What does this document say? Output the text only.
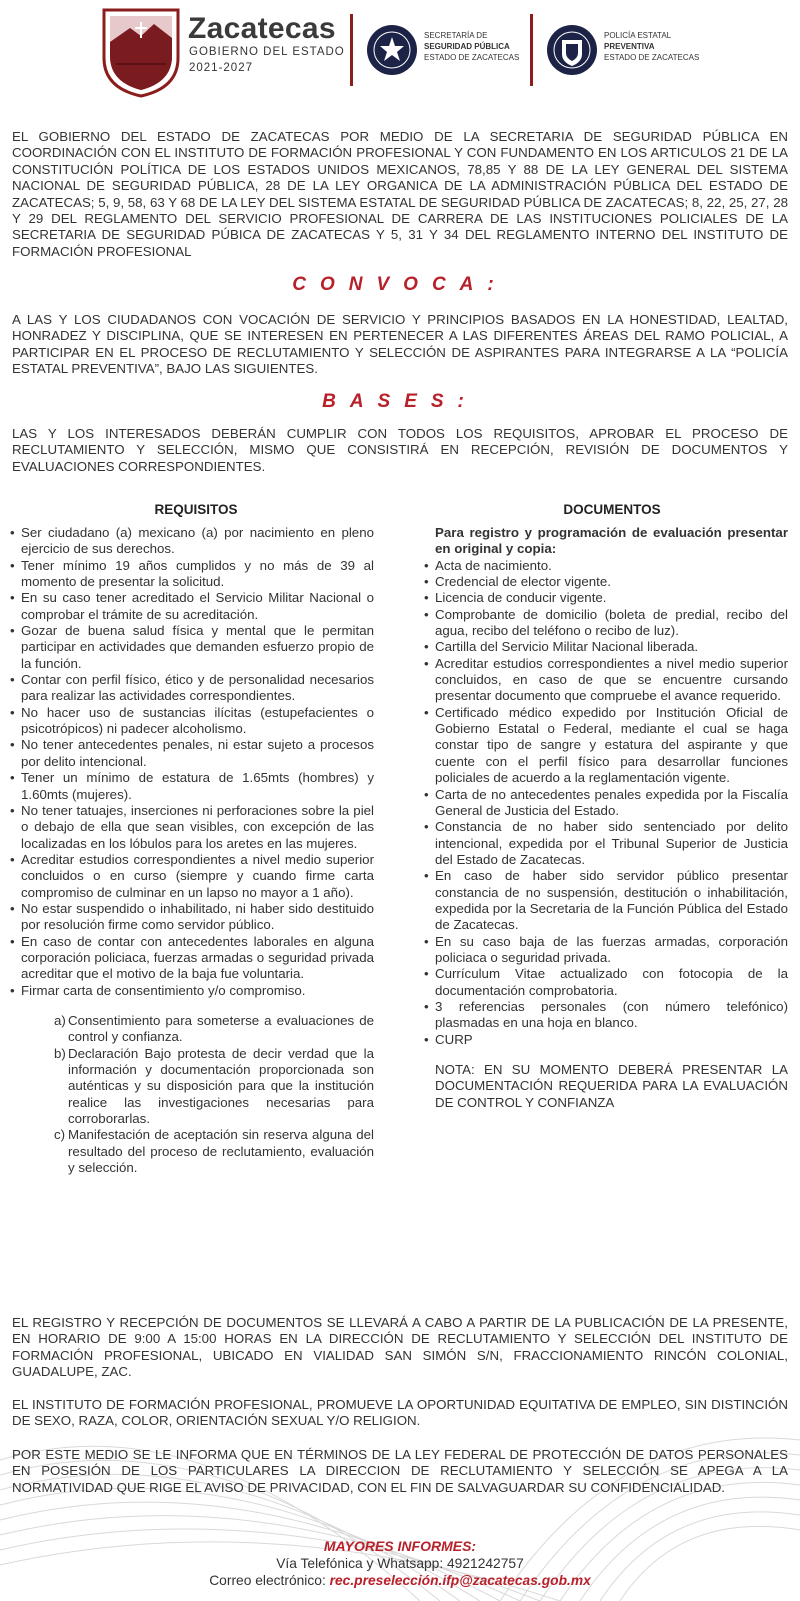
Zacatecas
GOBIERNO DEL ESTADO
2021-2027
SECRETARÍA DE
SEGURIDAD PÚBLICA
ESTADO DE ZACATECAS
POLICÍA ESTATAL
PREVENTIVA
ESTADO DE ZACATECAS
EL GOBIERNO DEL ESTADO DE ZACATECAS POR MEDIO DE LA SECRETARIA DE SEGURIDAD PÚBLICA EN COORDINACIÓN CON EL INSTITUTO DE FORMACIÓN PROFESIONAL Y CON FUNDAMENTO EN LOS ARTICULOS 21 DE LA CONSTITUCIÓN POLÍTICA DE LOS ESTADOS UNIDOS MEXICANOS, 78,85 Y 88 DE LA LEY GENERAL DEL SISTEMA NACIONAL DE SEGURIDAD PÚBLICA, 28 DE LA LEY ORGANICA DE LA ADMINISTRACIÓN PÚBLICA DEL ESTADO DE ZACATECAS; 5, 9, 58, 63 Y 68 DE LA LEY DEL SISTEMA ESTATAL DE SEGURIDAD PÚBLICA DE ZACATECAS; 8, 22, 25, 27, 28 Y 29 DEL REGLAMENTO DEL SERVICIO PROFESIONAL DE CARRERA DE LAS INSTITUCIONES POLICIALES DE LA SECRETARIA DE SEGURIDAD PÚBICA DE ZACATECAS Y 5, 31 Y 34 DEL REGLAMENTO INTERNO DEL INSTITUTO DE FORMACIÓN PROFESIONAL
CONVOCA:
A LAS Y LOS CIUDADANOS CON VOCACIÓN DE SERVICIO Y PRINCIPIOS BASADOS EN LA HONESTIDAD, LEALTAD, HONRADEZ Y DISCIPLINA, QUE SE INTERESEN EN PERTENECER A LAS DIFERENTES ÁREAS DEL RAMO POLICIAL, A PARTICIPAR EN EL PROCESO DE RECLUTAMIENTO Y SELECCIÓN DE ASPIRANTES PARA INTEGRARSE A LA “POLICÍA ESTATAL PREVENTIVA”, BAJO LAS SIGUIENTES.
BASES:
LAS Y LOS INTERESADOS DEBERÁN CUMPLIR CON TODOS LOS REQUISITOS, APROBAR EL PROCESO DE RECLUTAMIENTO Y SELECCIÓN, MISMO QUE CONSISTIRÁ EN RECEPCIÓN, REVISIÓN DE DOCUMENTOS Y EVALUACIONES CORRESPONDIENTES.
REQUISITOS
• Ser ciudadano (a) mexicano (a) por nacimiento en pleno ejercicio de sus derechos.
• Tener mínimo 19 años cumplidos y no más de 39 al momento de presentar la solicitud.
• En su caso tener acreditado el Servicio Militar Nacional o comprobar el trámite de su acreditación.
• Gozar de buena salud física y mental que le permitan participar en actividades que demanden esfuerzo propio de la función.
• Contar con perfil físico, ético y de personalidad necesarios para realizar las actividades correspondientes.
• No hacer uso de sustancias ilícitas (estupefacientes o psicotrópicos) ni padecer alcoholismo.
• No tener antecedentes penales, ni estar sujeto a procesos por delito intencional.
• Tener un mínimo de estatura de 1.65mts (hombres) y 1.60mts (mujeres).
• No tener tatuajes, inserciones ni perforaciones sobre la piel o debajo de ella que sean visibles, con excepción de las localizadas en los lóbulos para los aretes en las mujeres.
• Acreditar estudios correspondientes a nivel medio superior concluidos o en curso (siempre y cuando firme carta compromiso de culminar en un lapso no mayor a 1 año).
• No estar suspendido o inhabilitado, ni haber sido destituido por resolución firme como servidor público.
• En caso de contar con antecedentes laborales en alguna corporación policiaca, fuerzas armadas o seguridad privada acreditar que el motivo de la baja fue voluntaria.
• Firmar carta de consentimiento y/o compromiso.
a) Consentimiento para someterse a evaluaciones de control y confianza.
b) Declaración Bajo protesta de decir verdad que la información y documentación proporcionada son auténticas y su disposición para que la institución realice las investigaciones necesarias para corroborarlas.
c) Manifestación de aceptación sin reserva alguna del resultado del proceso de reclutamiento, evaluación y selección.
DOCUMENTOS
Para registro y programación de evaluación presentar en original y copia:
• Acta de nacimiento.
• Credencial de elector vigente.
• Licencia de conducir vigente.
• Comprobante de domicilio (boleta de predial, recibo del agua, recibo del teléfono o recibo de luz).
• Cartilla del Servicio Militar Nacional liberada.
• Acreditar estudios correspondientes a nivel medio superior concluidos, en caso de que se encuentre cursando presentar documento que compruebe el avance requerido.
• Certificado médico expedido por Institución Oficial de Gobierno Estatal o Federal, mediante el cual se haga constar tipo de sangre y estatura del aspirante y que cuente con el perfil físico para desarrollar funciones policiales de acuerdo a la reglamentación vigente.
• Carta de no antecedentes penales expedida por la Fiscalía General de Justicia del Estado.
• Constancia de no haber sido sentenciado por delito intencional, expedida por el Tribunal Superior de Justicia del Estado de Zacatecas.
• En caso de haber sido servidor público presentar constancia de no suspensión, destitución o inhabilitación, expedida por la Secretaria de la Función Pública del Estado de Zacatecas.
• En su caso baja de las fuerzas armadas, corporación policiaca o seguridad privada.
• Currículum Vitae actualizado con fotocopia de la documentación comprobatoria.
• 3 referencias personales (con número telefónico) plasmadas en una hoja en blanco.
• CURP
NOTA: EN SU MOMENTO DEBERÁ PRESENTAR LA DOCUMENTACIÓN REQUERIDA PARA LA EVALUACIÓN DE CONTROL Y CONFIANZA
EL REGISTRO Y RECEPCIÓN DE DOCUMENTOS SE LLEVARÁ A CABO A PARTIR DE LA PUBLICACIÓN DE LA PRESENTE, EN HORARIO DE 9:00 A 15:00 HORAS EN LA DIRECCIÓN DE RECLUTAMIENTO Y SELECCIÓN DEL INSTITUTO DE FORMACIÓN PROFESIONAL, UBICADO EN VIALIDAD SAN SIMÓN S/N, FRACCIONAMIENTO RINCÓN COLONIAL, GUADALUPE, ZAC.
EL INSTITUTO DE FORMACIÓN PROFESIONAL, PROMUEVE LA OPORTUNIDAD EQUITATIVA DE EMPLEO, SIN DISTINCIÓN DE SEXO, RAZA, COLOR, ORIENTACIÓN SEXUAL Y/O RELIGION.
POR ESTE MEDIO SE LE INFORMA QUE EN TÉRMINOS DE LA LEY FEDERAL DE PROTECCIÓN DE DATOS PERSONALES EN POSESIÓN DE LOS PARTICULARES LA DIRECCION DE RECLUTAMIENTO Y SELECCIÓN SE APEGA A LA NORMATIVIDAD QUE RIGE EL AVISO DE PRIVACIDAD, CON EL FIN DE SALVAGUARDAR SU CONFIDENCIALIDAD.
MAYORES INFORMES:
Vía Telefónica y Whatsapp: 4921242757
Correo electrónico: rec.preselección.ifp@zacatecas.gob.mx
